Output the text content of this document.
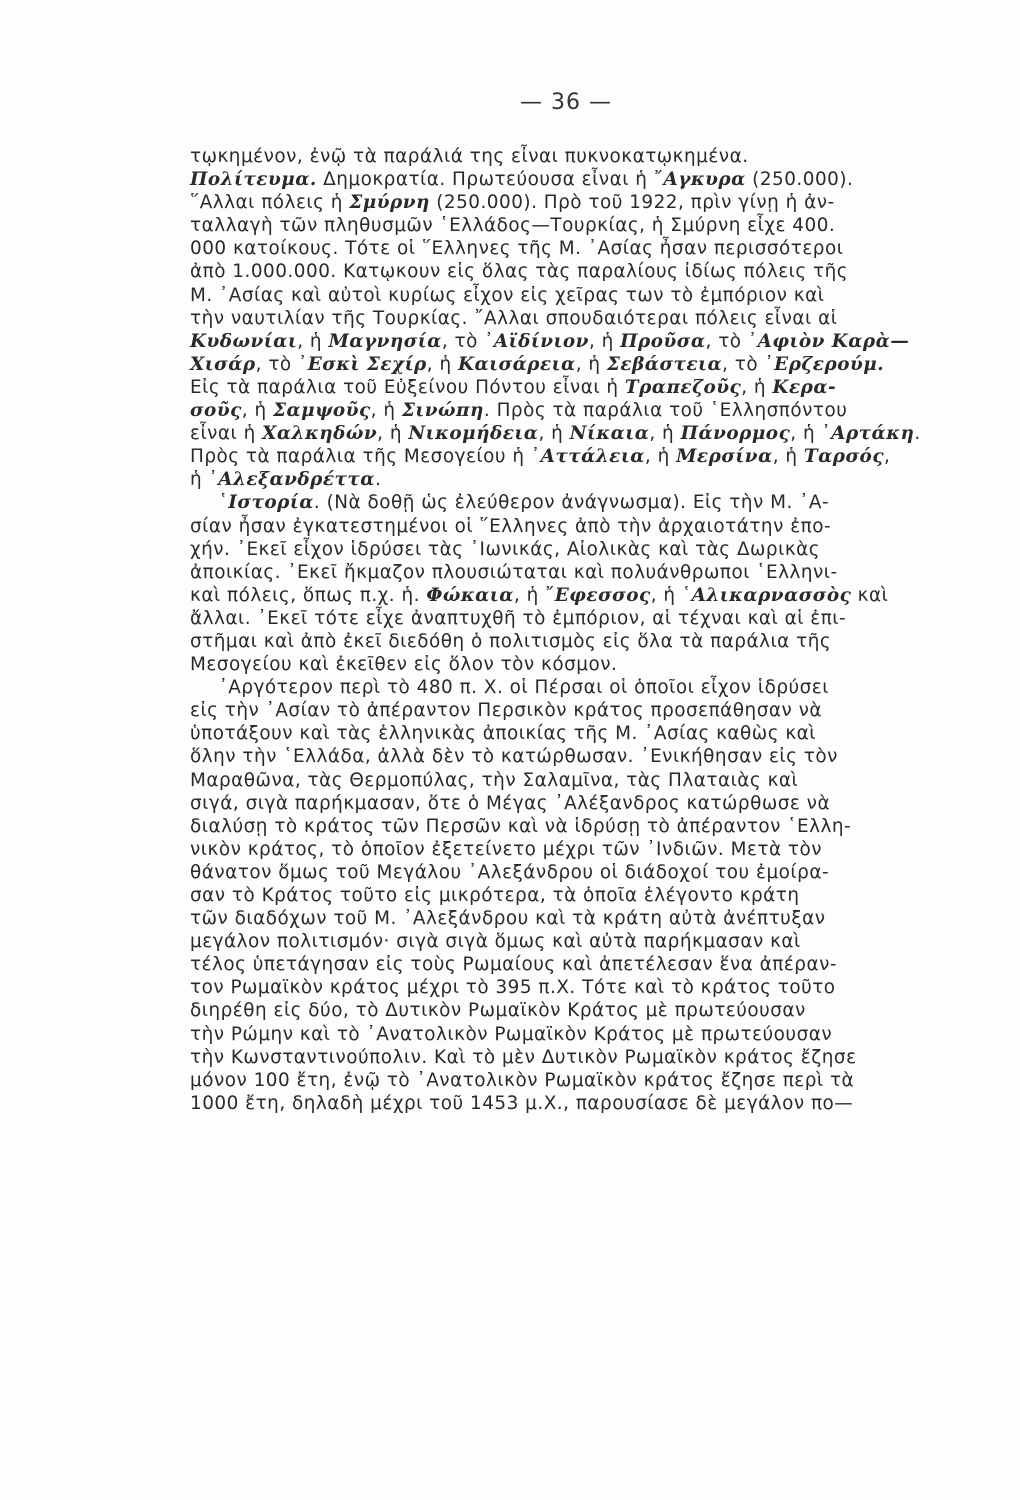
— 36 —
τῳκημένον, ἐνῷ τὰ παράλιά της εἶναι πυκνοκατῳκημένα.
Πολίτευμα. Δημοκρατία. Πρωτεύουσα εἶναι ἡ ῎Αγκυρα (250.000).
῞Αλλαι πόλεις ἡ Σμύρνη (250.000). Πρὸ τοῦ 1922, πρὶν γίνῃ ἡ ἀν-
ταλλαγὴ τῶν πληθυσμῶν ῾Ελλάδος—Τουρκίας, ἡ Σμύρνη εἶχε 400.
000 κατοίκους. Τότε οἱ ῞Ελληνες τῆς Μ. ᾿Ασίας ἦσαν περισσότεροι
ἀπὸ 1.000.000. Κατῳκουν εἰς ὅλας τὰς παραλίους ἰδίως πόλεις τῆς
Μ. ᾿Ασίας καὶ αὐτοὶ κυρίως εἶχον εἰς χεῖρας των τὸ ἐμπόριον καὶ
τὴν ναυτιλίαν τῆς Τουρκίας. ῎Αλλαι σπουδαιότεραι πόλεις εἶναι αἱ
Κυδωνίαι, ἡ Μαγνησία, τὸ ᾿Αϊδίνιον, ἡ Προῦσα, τὸ ᾿Αφιὸν Καρὰ—
Χισάρ, τὸ ᾿Εσκὶ Σεχίρ, ἡ Καισάρεια, ἡ Σεβάστεια, τὸ ᾿Ερζερούμ.
Εἰς τὰ παράλια τοῦ Εὐξείνου Πόντου εἶναι ἡ Τραπεζοῦς, ἡ Κερα-
σοῦς, ἡ Σαμψοῦς, ἡ Σινώπη. Πρὸς τὰ παράλια τοῦ ῾Ελλησπόντου
εἶναι ἡ Χαλκηδών, ἡ Νικομήδεια, ἡ Νίκαια, ἡ Πάνορμος, ἡ ᾿Αρτάκη.
Πρὸς τὰ παράλια τῆς Μεσογείου ἡ ᾿Αττάλεια, ἡ Μερσίνα, ἡ Ταρσός,
ἡ ᾿Αλεξανδρέττα.
  ῾Ιστορία. (Νὰ δοθῇ ὡς ἐλεύθερον ἀνάγνωσμα). Εἰς τὴν Μ. ᾿Α-
σίαν ἦσαν ἐγκατεστημένοι οἱ ῞Ελληνες ἀπὸ τὴν ἀρχαιοτάτην ἐπο-
χήν. ᾿Εκεῖ εἶχον ἱδρύσει τὰς ᾿Ιωνικάς, Αἰολικὰς καὶ τὰς Δωρικὰς
ἀποικίας. ᾿Εκεῖ ἤκμαζον πλουσιώταται καὶ πολυάνθρωποι ῾Ελληνι-
καὶ πόλεις, ὅπως π.χ. ἡ. Φώκαια, ἡ ῎Εφεσσος, ἡ ῾Αλικαρνασσὸς καὶ
ἄλλαι. ᾿Εκεῖ τότε εἶχε ἀναπτυχθῆ τὸ ἐμπόριον, αἱ τέχναι καὶ αἱ ἐπι-
στῆμαι καὶ ἀπὸ ἐκεῖ διεδόθη ὁ πολιτισμὸς εἰς ὅλα τὰ παράλια τῆς
Μεσογείου καὶ ἐκεῖθεν εἰς ὅλον τὸν κόσμον.
  ᾿Αργότερον περὶ τὸ 480 π. Χ. οἱ Πέρσαι οἱ ὁποῖοι εἶχον ἱδρύσει
εἰς τὴν ᾿Ασίαν τὸ ἀπέραντον Περσικὸν κράτος προσεπάθησαν νὰ
ὑποτάξουν καὶ τὰς ἑλληνικὰς ἀποικίας τῆς Μ. ᾿Ασίας καθὼς καὶ
ὅλην τὴν ῾Ελλάδα, ἀλλὰ δὲν τὸ κατώρθωσαν. ᾿Ενικήθησαν εἰς τὸν
Μαραθῶνα, τὰς Θερμοπύλας, τὴν Σαλαμῖνα, τὰς Πλαταιὰς καὶ
σιγά, σιγὰ παρήκμασαν, ὅτε ὁ Μέγας ᾿Αλέξανδρος κατώρθωσε νὰ
διαλύσῃ τὸ κράτος τῶν Περσῶν καὶ νὰ ἱδρύσῃ τὸ ἀπέραντον ῾Ελλη-
νικὸν κράτος, τὸ ὁποῖον ἐξετείνετο μέχρι τῶν ᾿Ινδιῶν. Μετὰ τὸν
θάνατον ὅμως τοῦ Μεγάλου ᾿Αλεξάνδρου οἱ διάδοχοί του ἐμοίρα-
σαν τὸ Κράτος τοῦτο εἰς μικρότερα, τὰ ὁποῖα ἐλέγοντο κράτη
τῶν διαδόχων τοῦ Μ. ᾿Αλεξάνδρου καὶ τὰ κράτη αὐτὰ ἀνέπτυξαν
μεγάλον πολιτισμόν· σιγὰ σιγὰ ὅμως καὶ αὐτὰ παρήκμασαν καὶ
τέλος ὑπετάγησαν εἰς τοὺς Ρωμαίους καὶ ἀπετέλεσαν ἕνα ἀπέραν-
τον Ρωμαϊκὸν κράτος μέχρι τὸ 395 π.Χ. Τότε καὶ τὸ κράτος τοῦτο
διηρέθη εἰς δύο, τὸ Δυτικὸν Ρωμαϊκὸν Κράτος μὲ πρωτεύουσαν
τὴν Ρώμην καὶ τὸ ᾿Ανατολικὸν Ρωμαϊκὸν Κράτος μὲ πρωτεύουσαν
τὴν Κωνσταντινούπολιν. Καὶ τὸ μὲν Δυτικὸν Ρωμαϊκὸν κράτος ἔζησε
μόνον 100 ἔτη, ἐνῷ τὸ ᾿Ανατολικὸν Ρωμαϊκὸν κράτος ἔζησε περὶ τὰ
1000 ἔτη, δηλαδὴ μέχρι τοῦ 1453 μ.Χ., παρουσίασε δὲ μεγάλον πο—
